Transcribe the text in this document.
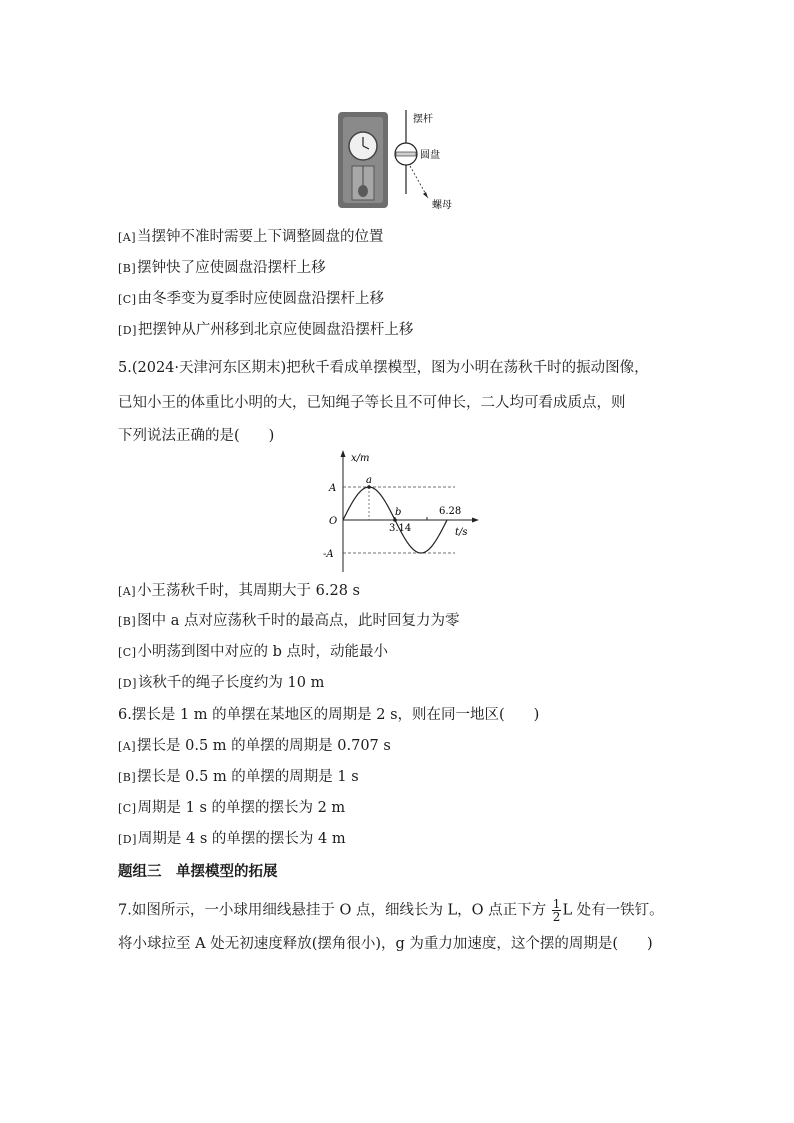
摆杆
圆盘
螺母
[A]当摆钟不准时需要上下调整圆盘的位置
[B]摆钟快了应使圆盘沿摆杆上移
[C]由冬季变为夏季时应使圆盘沿摆杆上移
[D]把摆钟从广州移到北京应使圆盘沿摆杆上移
5.(2024·天津河东区期末)把秋千看成单摆模型，图为小明在荡秋千时的振动图像，
已知小王的体重比小明的大，已知绳子等长且不可伸长，二人均可看成质点，则
下列说法正确的是(　　)
x/m
A
O
-A
a
b
3.14
6.28
t/s
[A]小王荡秋千时，其周期大于 6.28 s
[B]图中 a 点对应荡秋千时的最高点，此时回复力为零
[C]小明荡到图中对应的 b 点时，动能最小
[D]该秋千的绳子长度约为 10 m
6.摆长是 1 m 的单摆在某地区的周期是 2 s，则在同一地区(　　)
[A]摆长是 0.5 m 的单摆的周期是 0.707 s
[B]摆长是 0.5 m 的单摆的周期是 1 s
[C]周期是 1 s 的单摆的摆长为 2 m
[D]周期是 4 s 的单摆的摆长为 4 m
题组三　单摆模型的拓展
7.如图所示，一小球用细线悬挂于 O 点，细线长为 L，O 点正下方 $\frac{1}{2}$ L 处有一铁钉。
将小球拉至 A 处无初速度释放(摆角很小)，g 为重力加速度，这个摆的周期是(　　)
